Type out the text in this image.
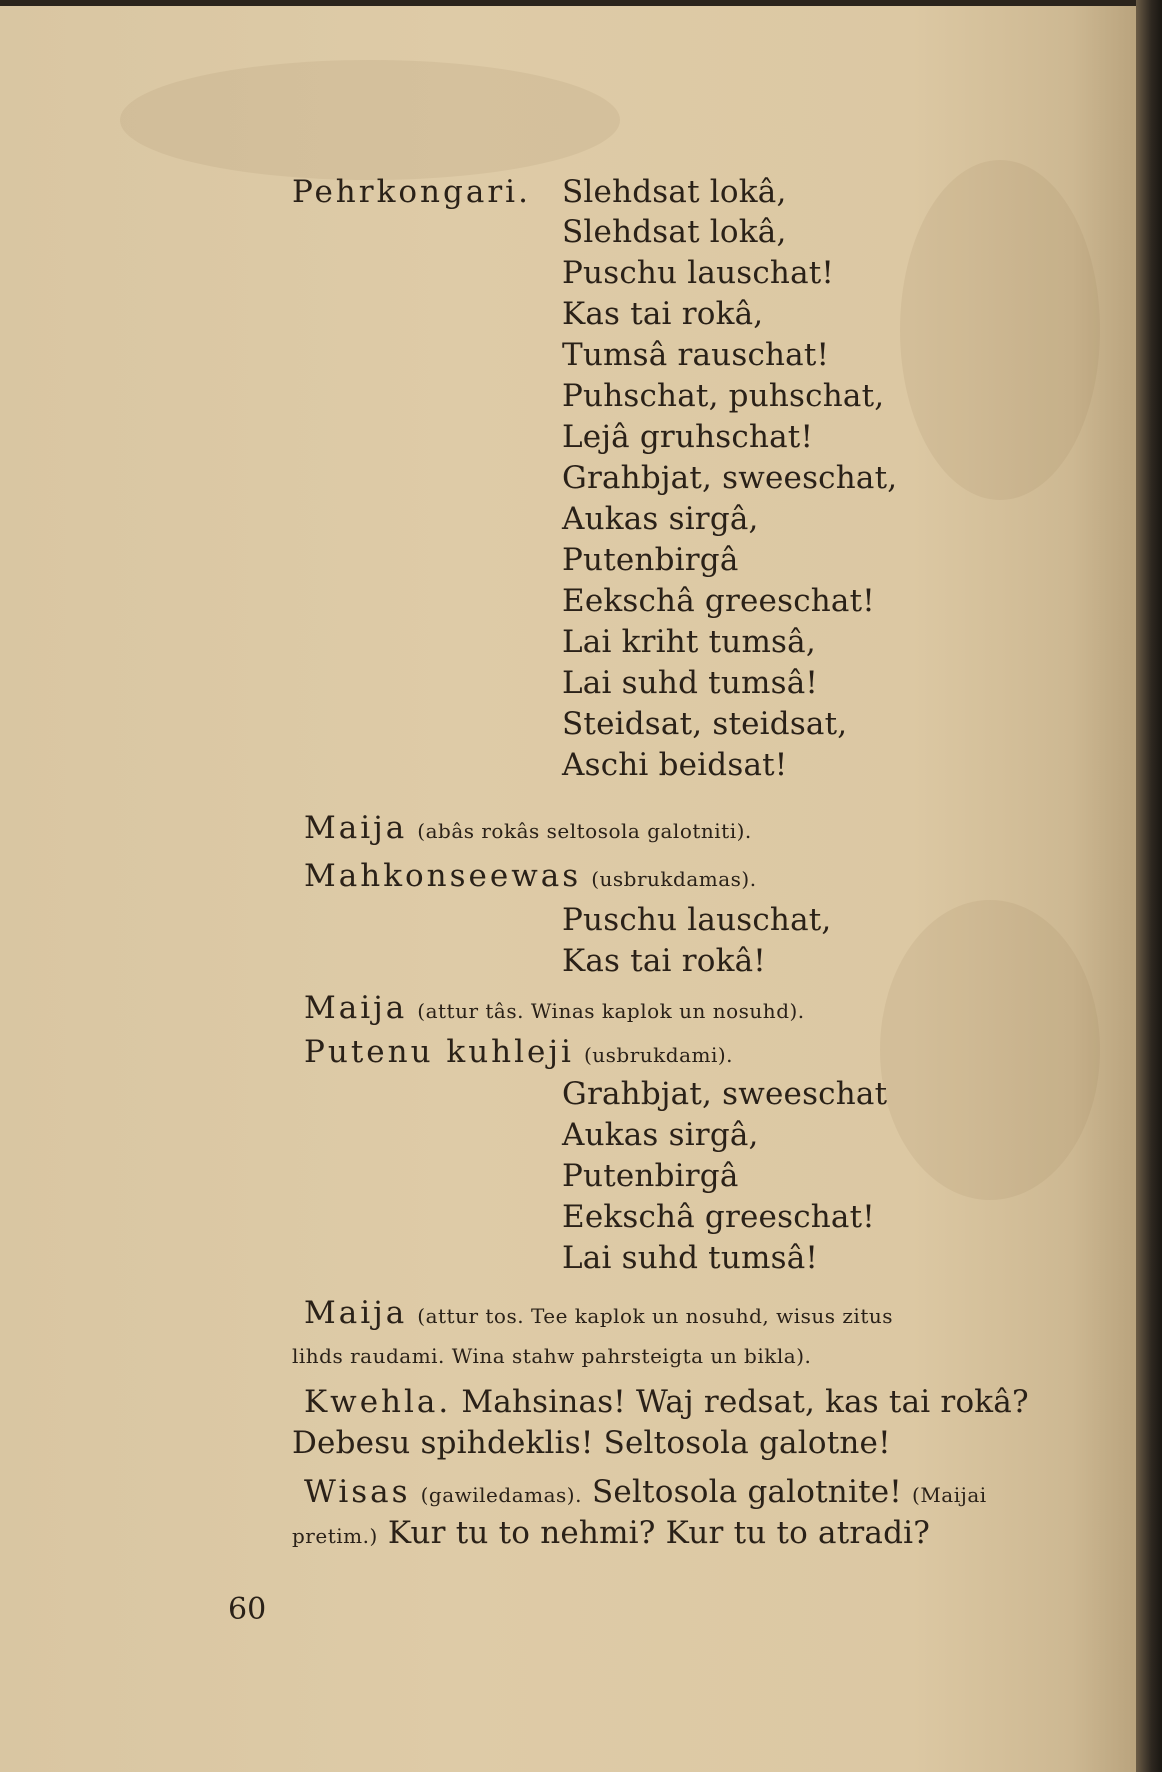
Pehrkongari. Slehdsat lokâ,
Slehdsat lokâ,
Puschu lauschat!
Kas tai rokâ,
Tumsâ rauschat!
Puhschat, puhschat,
Lejâ gruhschat!
Grahbjat, sweeschat,
Aukas sirgâ,
Putenbirgâ
Eekschâ greeschat!
Lai kriht tumsâ,
Lai suhd tumsâ!
Steidsat, steidsat,
Aschi beidsat!
Maija (abâs rokâs seltosola galotniti).
Mahkonseewas (usbrukdamas).
Puschu lauschat,
Kas tai rokâ!
Maija (attur tâs. Winas kaplok un nosuhd).
Putenu kuhleji (usbrukdami).
Grahbjat, sweeschat
Aukas sirgâ,
Putenbirgâ
Eekschâ greeschat!
Lai suhd tumsâ!
Maija (attur tos. Tee kaplok un nosuhd, wisus zitus
lihds raudami. Wina stahw pahrsteigta un bikla).
Kwehla. Mahsinas! Waj redsat, kas tai rokâ?
Debesu spihdeklis! Seltosola galotne!
Wisas (gawiledamas). Seltosola galotnite! (Maijai
pretim.) Kur tu to nehmi? Kur tu to atradi?
60
